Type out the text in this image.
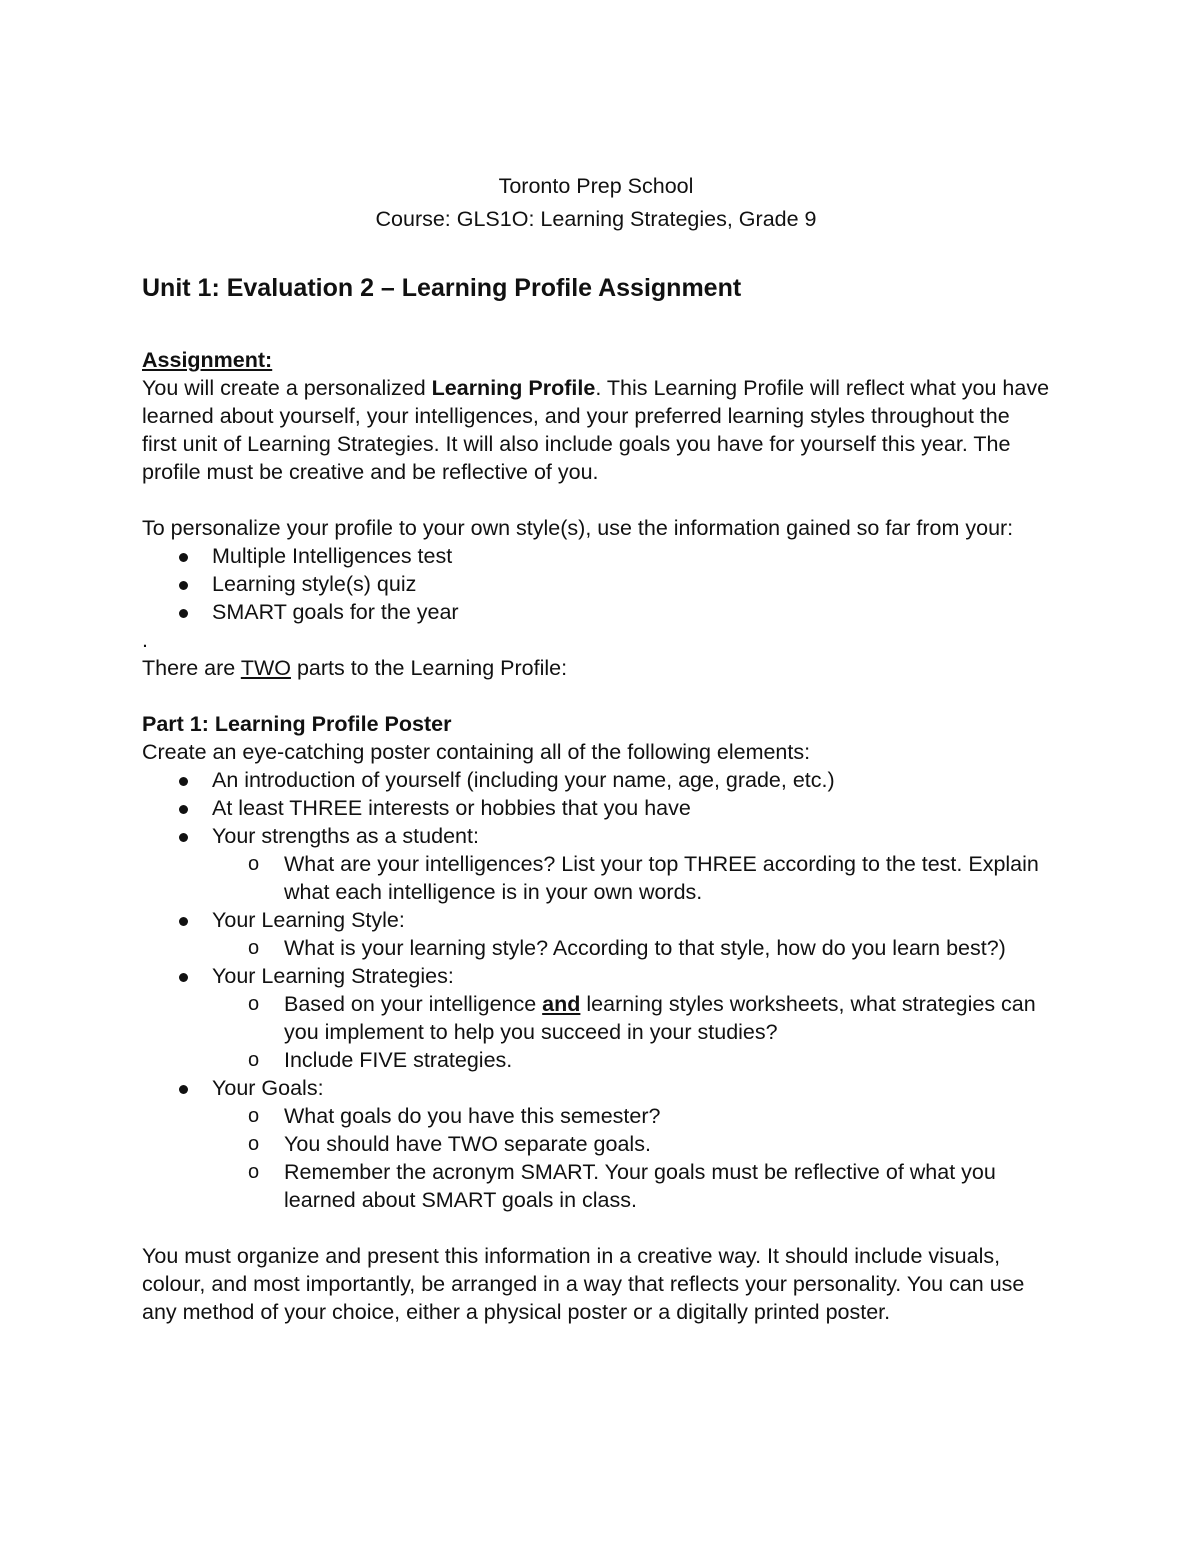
Toronto Prep School
Course: GLS1O: Learning Strategies, Grade 9
Unit 1: Evaluation 2 – Learning Profile Assignment
Assignment:

You will create a personalized Learning Profile. This Learning Profile will reflect what you have learned about yourself, your intelligences, and your preferred learning styles throughout the first unit of Learning Strategies. It will also include goals you have for yourself this year. The profile must be creative and be reflective of you.

To personalize your profile to your own style(s), use the information gained so far from your:

Multiple Intelligences test
Learning style(s) quiz
SMART goals for the year

.

There are TWO parts to the Learning Profile:

Part 1: Learning Profile Poster

Create an eye-catching poster containing all of the following elements:

An introduction of yourself (including your name, age, grade, etc.)
At least THREE interests or hobbies that you have
Your strengths as a student:
o What are your intelligences? List your top THREE according to the test. Explain what each intelligence is in your own words.
Your Learning Style:
o What is your learning style? According to that style, how do you learn best?)
Your Learning Strategies:
o Based on your intelligence and learning styles worksheets, what strategies can you implement to help you succeed in your studies?
o Include FIVE strategies.
Your Goals:
o What goals do you have this semester?
o You should have TWO separate goals.
o Remember the acronym SMART. Your goals must be reflective of what you learned about SMART goals in class.

You must organize and present this information in a creative way. It should include visuals, colour, and most importantly, be arranged in a way that reflects your personality. You can use any method of your choice, either a physical poster or a digitally printed poster.
